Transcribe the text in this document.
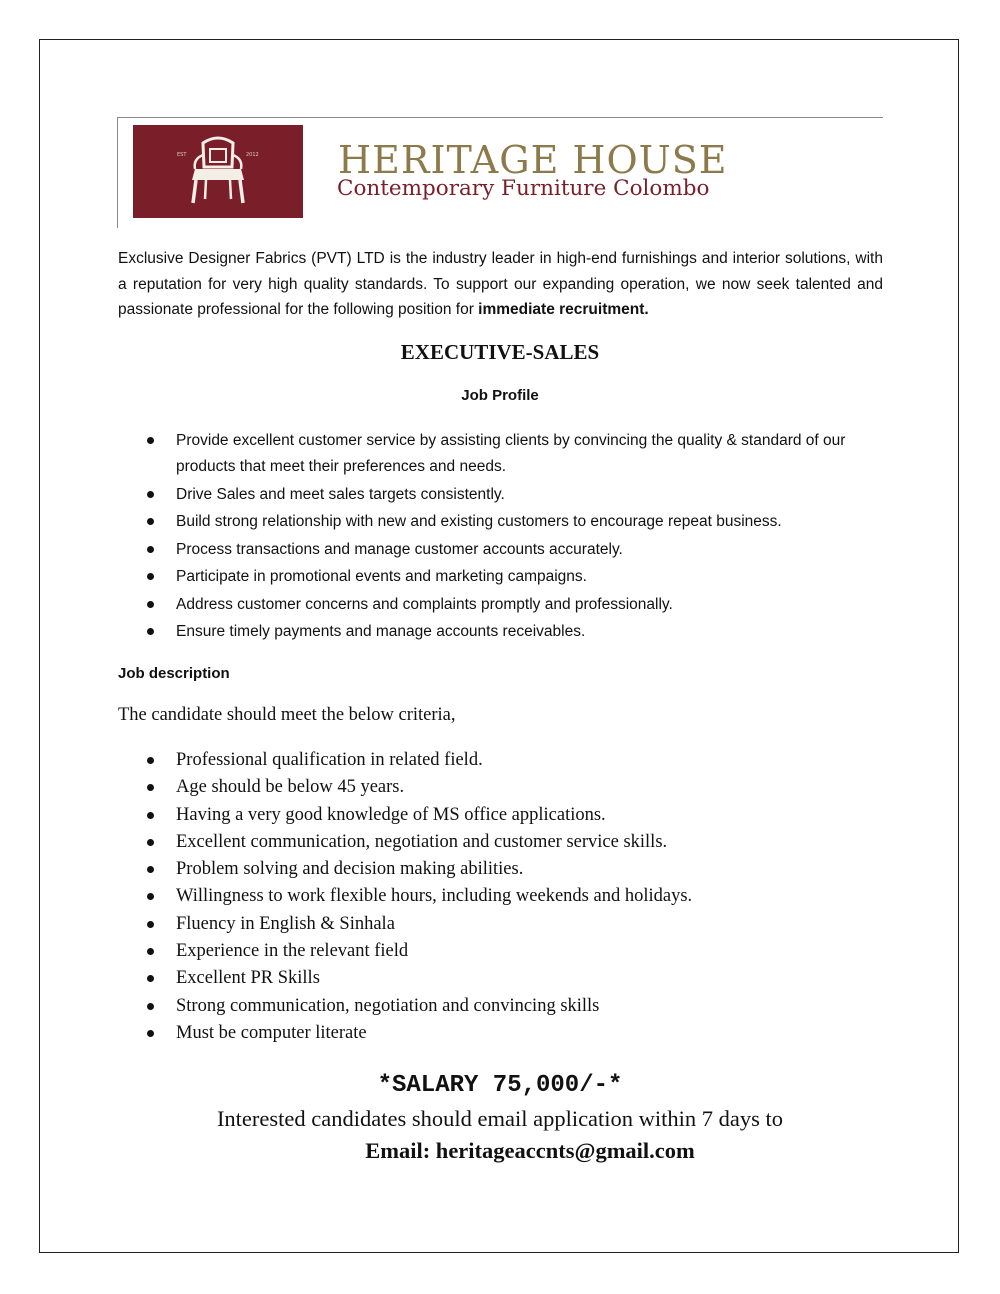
EST	2012 HERITAGE HOUSE
Contemporary Furniture Colombo
Exclusive Designer Fabrics (PVT) LTD is the industry leader in high-end furnishings and interior solutions, with a reputation for very high quality standards. To support our expanding operation, we now seek talented and passionate professional for the following position for immediate recruitment.
EXECUTIVE-SALES
Job Profile
Provide excellent customer service by assisting clients by convincing the quality & standard of our products that meet their preferences and needs.
Drive Sales and meet sales targets consistently.
Build strong relationship with new and existing customers to encourage repeat business.
Process transactions and manage customer accounts accurately.
Participate in promotional events and marketing campaigns.
Address customer concerns and complaints promptly and professionally.
Ensure timely payments and manage accounts receivables.
Job description
The candidate should meet the below criteria,
Professional qualification in related field.
Age should be below 45 years.
Having a very good knowledge of MS office applications.
Excellent communication, negotiation and customer service skills.
Problem solving and decision making abilities.
Willingness to work flexible hours, including weekends and holidays.
Fluency in English & Sinhala
Experience in the relevant field
Excellent PR Skills
Strong communication, negotiation and convincing skills
Must be computer literate
*SALARY 75,000/-*
Interested candidates should email application within 7 days to
Email: heritageaccnts@gmail.com
